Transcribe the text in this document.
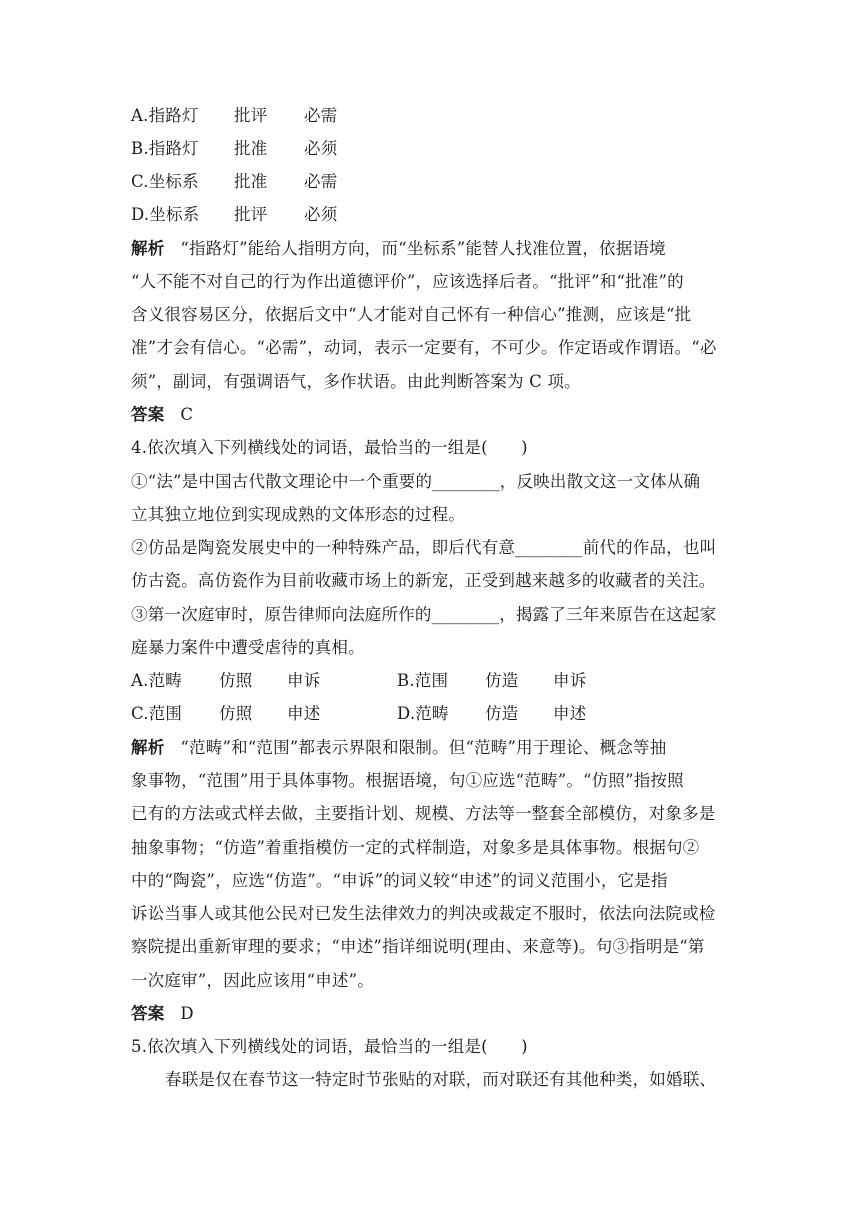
A.指路灯 批评 必需
B.指路灯 批准 必须
C.坐标系 批准 必需
D.坐标系 批评 必须
解析 “指路灯”能给人指明方向，而“坐标系”能替人找准位置，依据语境
“人不能不对自己的行为作出道德评价”，应该选择后者。“批评”和“批准”的
含义很容易区分，依据后文中“人才能对自己怀有一种信心”推测，应该是“批
准”才会有信心。“必需”，动词，表示一定要有，不可少。作定语或作谓语。“必
须”，副词，有强调语气，多作状语。由此判断答案为 C 项。
答案 C
4.依次填入下列横线处的词语，最恰当的一组是(　　)
①“法”是中国古代散文理论中一个重要的________，反映出散文这一文体从确
立其独立地位到实现成熟的文体形态的过程。
②仿品是陶瓷发展史中的一种特殊产品，即后代有意________前代的作品，也叫
仿古瓷。高仿瓷作为目前收藏市场上的新宠，正受到越来越多的收藏者的关注。
③第一次庭审时，原告律师向法庭所作的________，揭露了三年来原告在这起家
庭暴力案件中遭受虐待的真相。
A.范畴 仿照 申诉	B.范围 仿造 申诉
C.范围 仿照 申述	D.范畴 仿造 申述
解析 “范畴”和“范围”都表示界限和限制。但“范畴”用于理论、概念等抽
象事物，“范围”用于具体事物。根据语境，句①应选“范畴”。“仿照”指按照
已有的方法或式样去做，主要指计划、规模、方法等一整套全部模仿，对象多是
抽象事物；“仿造”着重指模仿一定的式样制造，对象多是具体事物。根据句②
中的“陶瓷”，应选“仿造”。“申诉”的词义较“申述”的词义范围小，它是指
诉讼当事人或其他公民对已发生法律效力的判决或裁定不服时，依法向法院或检
察院提出重新审理的要求；“申述”指详细说明(理由、来意等)。句③指明是“第
一次庭审”，因此应该用“申述”。
答案 D
5.依次填入下列横线处的词语，最恰当的一组是(　　)
春联是仅在春节这一特定时节张贴的对联，而对联还有其他种类，如婚联、
